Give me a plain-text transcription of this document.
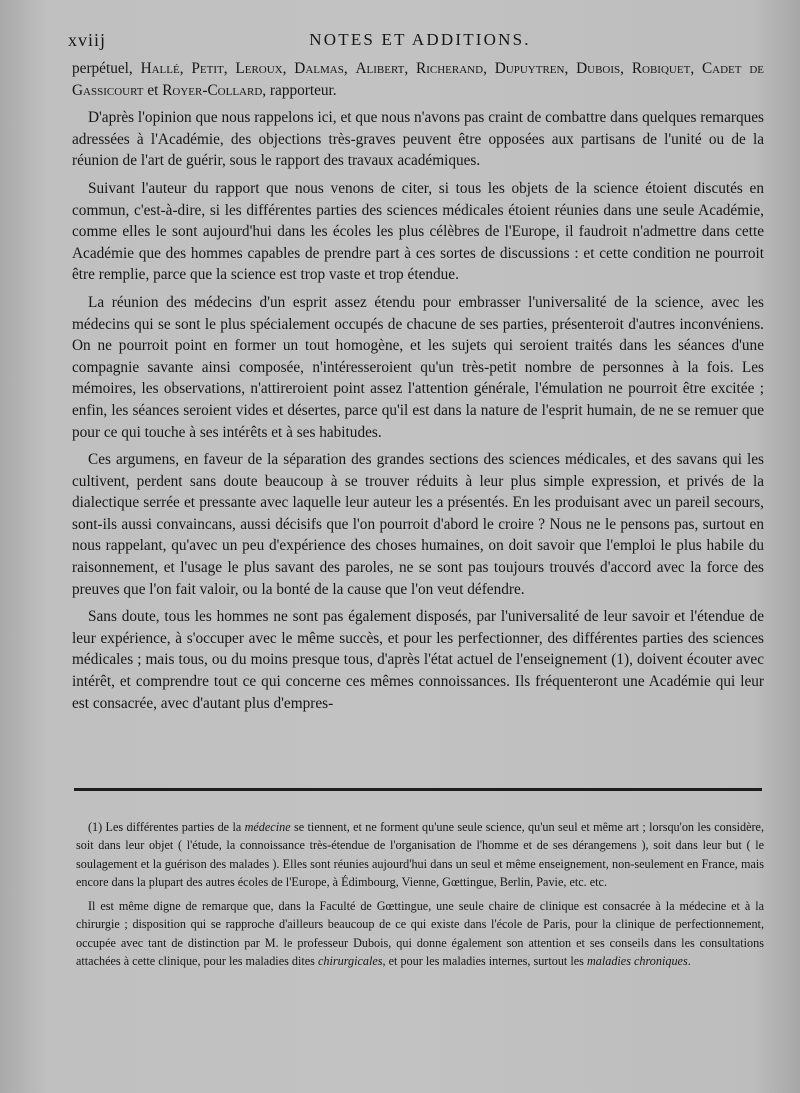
xviij	NOTES ET ADDITIONS.

perpétuel, Hallé, Petit, Leroux, Dalmas, Alibert, Richerand, Dupuytren, Dubois, Robiquet, Cadet de Gassicourt et Royer-Collard, rapporteur.

D'après l'opinion que nous rappelons ici, et que nous n'avons pas craint de combattre dans quelques remarques adressées à l'Académie, des objections très-graves peuvent être opposées aux partisans de l'unité ou de la réunion de l'art de guérir, sous le rapport des travaux académiques.

Suivant l'auteur du rapport que nous venons de citer, si tous les objets de la science étoient discutés en commun, c'est-à-dire, si les différentes parties des sciences médicales étoient réunies dans une seule Académie, comme elles le sont aujourd'hui dans les écoles les plus célèbres de l'Europe, il faudroit n'admettre dans cette Académie que des hommes capables de prendre part à ces sortes de discussions : et cette condition ne pourroit être remplie, parce que la science est trop vaste et trop étendue.

La réunion des médecins d'un esprit assez étendu pour embrasser l'universalité de la science, avec les médecins qui se sont le plus spécialement occupés de chacune de ses parties, présenteroit d'autres inconvéniens. On ne pourroit point en former un tout homogène, et les sujets qui seroient traités dans les séances d'une compagnie savante ainsi composée, n'intéresseroient qu'un très-petit nombre de personnes à la fois. Les mémoires, les observations, n'attireroient point assez l'attention générale, l'émulation ne pourroit être excitée ; enfin, les séances seroient vides et désertes, parce qu'il est dans la nature de l'esprit humain, de ne se remuer que pour ce qui touche à ses intérêts et à ses habitudes.

Ces argumens, en faveur de la séparation des grandes sections des sciences médicales, et des savans qui les cultivent, perdent sans doute beaucoup à se trouver réduits à leur plus simple expression, et privés de la dialectique serrée et pressante avec laquelle leur auteur les a présentés. En les produisant avec un pareil secours, sont-ils aussi convaincans, aussi décisifs que l'on pourroit d'abord le croire ? Nous ne le pensons pas, surtout en nous rappelant, qu'avec un peu d'expérience des choses humaines, on doit savoir que l'emploi le plus habile du raisonnement, et l'usage le plus savant des paroles, ne se sont pas toujours trouvés d'accord avec la force des preuves que l'on fait valoir, ou la bonté de la cause que l'on veut défendre.

Sans doute, tous les hommes ne sont pas également disposés, par l'universalité de leur savoir et l'étendue de leur expérience, à s'occuper avec le même succès, et pour les perfectionner, des différentes parties des sciences médicales ; mais tous, ou du moins presque tous, d'après l'état actuel de l'enseignement (1), doivent écouter avec intérêt, et comprendre tout ce qui concerne ces mêmes connoissances. Ils fréquenteront une Académie qui leur est consacrée, avec d'autant plus d'empres-

(1) Les différentes parties de la médecine se tiennent, et ne forment qu'une seule science, qu'un seul et même art ; lorsqu'on les considère, soit dans leur objet ( l'étude, la connoissance très-étendue de l'organisation de l'homme et de ses dérangemens ), soit dans leur but ( le soulagement et la guérison des malades ). Elles sont réunies aujourd'hui dans un seul et même enseignement, non-seulement en France, mais encore dans la plupart des autres écoles de l'Europe, à Édimbourg, Vienne, Gœttingue, Berlin, Pavie, etc. etc.

Il est même digne de remarque que, dans la Faculté de Gœttingue, une seule chaire de clinique est consacrée à la médecine et à la chirurgie ; disposition qui se rapproche d'ailleurs beaucoup de ce qui existe dans l'école de Paris, pour la clinique de perfectionnement, occupée avec tant de distinction par M. le professeur Dubois, qui donne également son attention et ses conseils dans les consultations attachées à cette clinique, pour les maladies dites chirurgicales, et pour les maladies internes, surtout les maladies chroniques.
